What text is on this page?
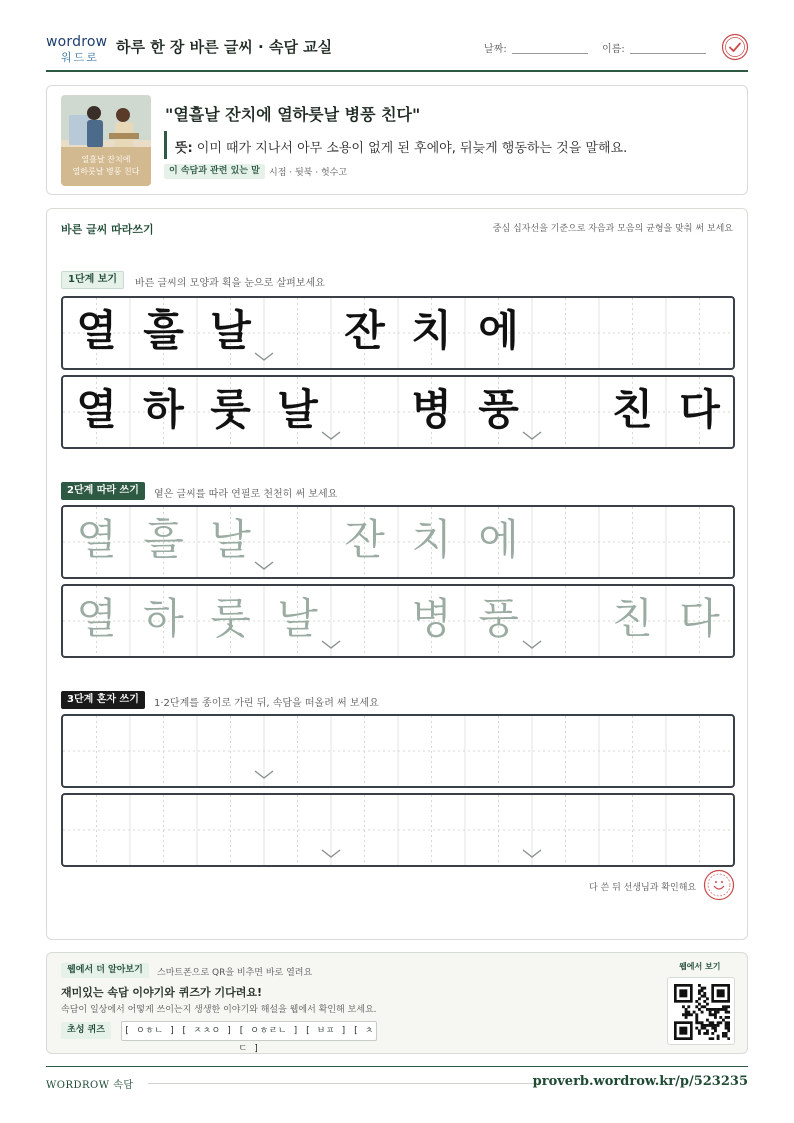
wordrow
워드로
하루 한 장 바른 글씨 · 속담 교실	날짜:	이름:
열흘날 잔치에
열하룻날 병풍 친다
"열흘날 잔치에 열하룻날 병풍 친다"
뜻: 이미 때가 지나서 아무 소용이 없게 된 후에야, 뒤늦게 행동하는 것을 말해요.
이 속담과 관련 있는 말	시점 · 뒷북 · 헛수고
바른 글씨 따라쓰기	중심 십자선을 기준으로 자음과 모음의 균형을 맞춰 써 보세요
1단계 보기	바른 글씨의 모양과 획을 눈으로 살펴보세요
열 흘 날	잔 치 에
열 하 룻 날	병 풍	친 다
2단계 따라 쓰기	옅은 글씨를 따라 연필로 천천히 써 보세요
열 흘 날	잔 치 에
열 하 룻 날	병 풍	친 다
3단계 혼자 쓰기	1·2단계를 종이로 가린 뒤, 속담을 떠올려 써 보세요
다 쓴 뒤 선생님과 확인해요
웹에서 더 알아보기	스마트폰으로 QR을 비추면 바로 열려요
재미있는 속담 이야기와 퀴즈가 기다려요!
속담이 일상에서 어떻게 쓰이는지 생생한 이야기와 해설을 웹에서 확인해 보세요.
초성 퀴즈	[ ㅇㅎㄴ ] [ ㅈㅊㅇ ] [ ㅇㅎㄹㄴ ] [ ㅂㅍ ] [ ㅊㄷ ]
웹에서 보기
WORDROW 속담	proverb.wordrow.kr/p/523235
